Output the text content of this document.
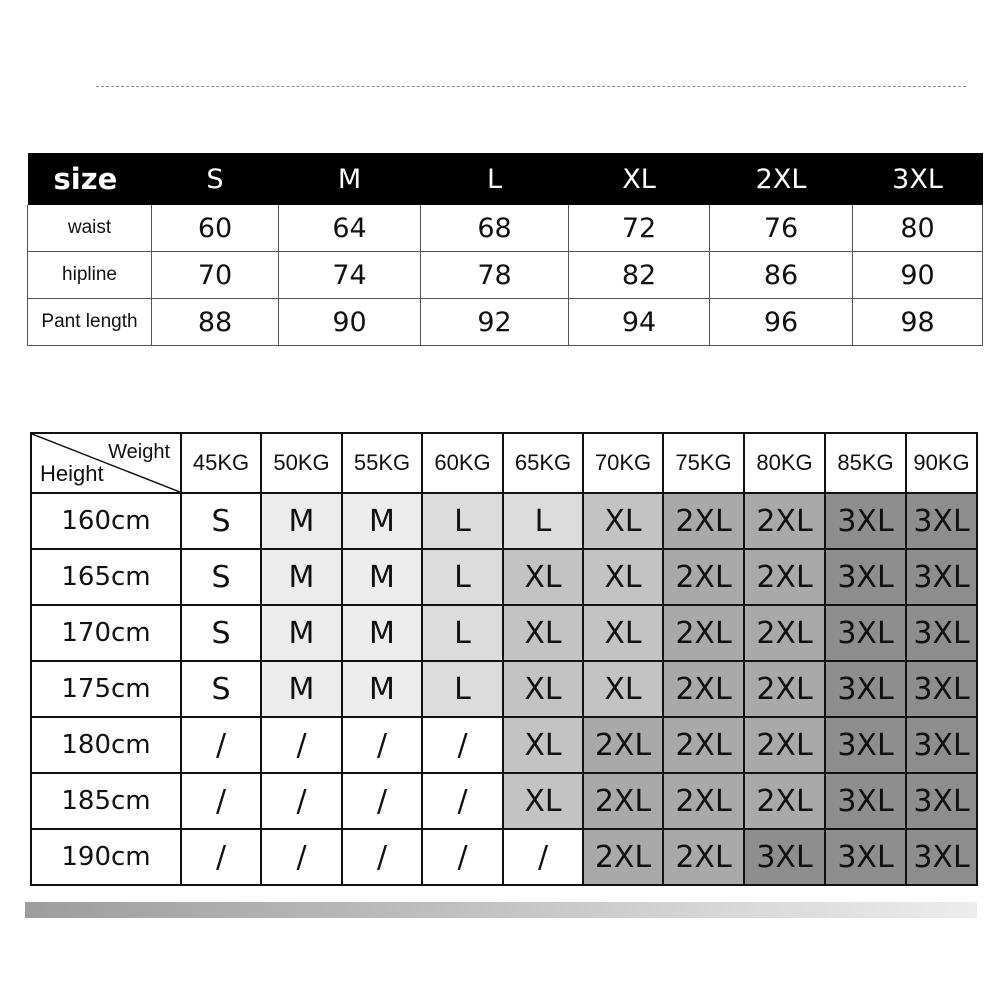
size	S	M	L	XL	2XL	3XL
waist	60	64	68	72	76	80
hipline	70	74	78	82	86	90
Pant length	88	90	92	94	96	98
Weight
Height	45KG	50KG	55KG	60KG	65KG	70KG	75KG	80KG	85KG	90KG
160cm	S	M	M	L	L	XL	2XL	2XL	3XL	3XL
165cm	S	M	M	L	XL	XL	2XL	2XL	3XL	3XL
170cm	S	M	M	L	XL	XL	2XL	2XL	3XL	3XL
175cm	S	M	M	L	XL	XL	2XL	2XL	3XL	3XL
180cm	/	/	/	/	XL	2XL	2XL	2XL	3XL	3XL
185cm	/	/	/	/	XL	2XL	2XL	2XL	3XL	3XL
190cm	/	/	/	/	/	2XL	2XL	3XL	3XL	3XL
